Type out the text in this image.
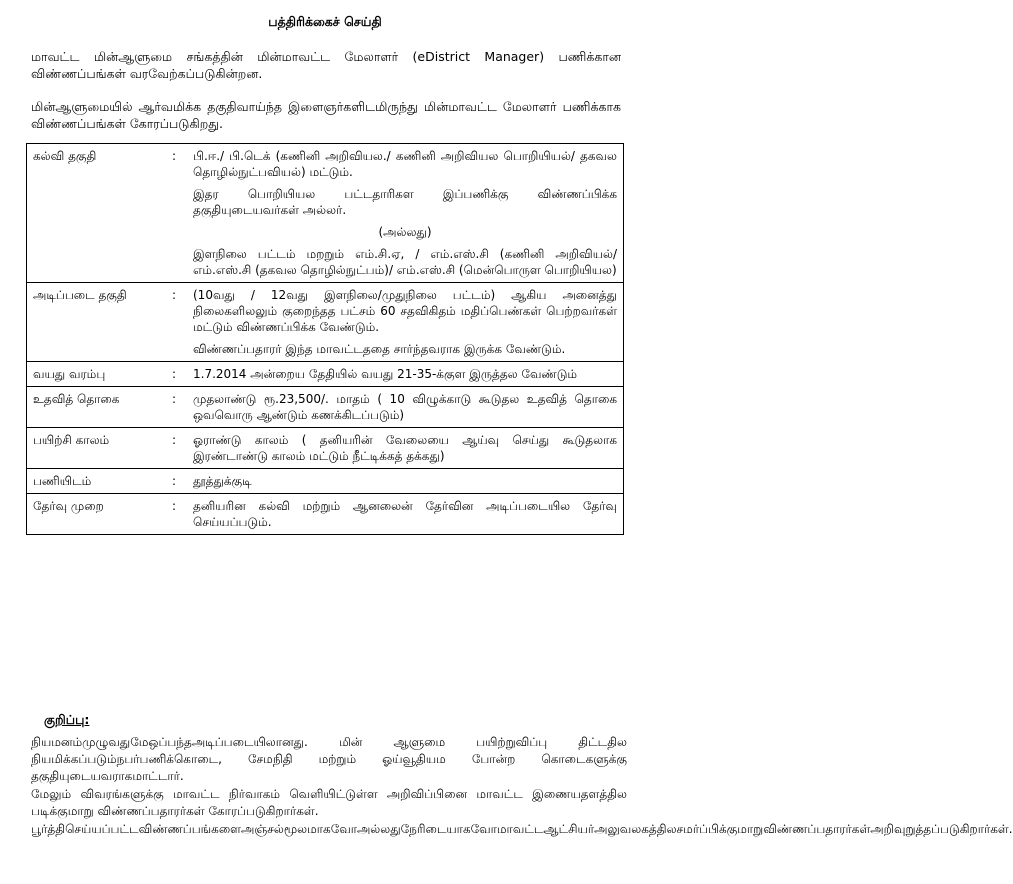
பத்திரிக்கைச் செய்தி
மாவட்ட மின்ஆளுமை சங்கத்தின் மின்மாவட்ட மேலாளர் (eDistrict Manager) பணிக்கான விண்ணப்பங்கள் வரவேற்கப்படுகின்றன.
மின்ஆளுமையில் ஆர்வமிக்க தகுதிவாய்ந்த இளைஞர்களிடமிருந்து மின்மாவட்ட மேலாளர் பணிக்காக விண்ணப்பங்கள் கோரப்படுகிறது.
கல்வி தகுதி	:	பி.ஈ./ பி.டெக் (கணினி அறிவியல./ கணினி அறிவியல பொறியியல்/ தகவல தொழில்நுட்பவியல்) மட்டும்.
இதர பொறியியல பட்டதாரிகள இப்பணிக்கு விண்ணப்பிக்க தகுதியுடையவர்கள் அல்லர்.
(அல்லது)
இளநிலை பட்டம் மறறும் எம்.சி.ஏ, / எம்.எஸ்.சி (கணினி அறிவியல்/ எம்.எஸ்.சி (தகவல தொழில்நுட்பம்)/ எம்.எஸ்.சி (மென்பொருள பொறியியல)

அடிப்படை தகுதி	:	(10வது / 12வது இளநிலை/முதுநிலை பட்டம்) ஆகிய அனைத்து நிலைகளிலலும் குறைந்தத பட்சம் 60 சதவிகிதம் மதிப்பெண்கள் பெற்றவர்கள் மட்டும் விண்ணப்பிக்க வேண்டும்.
விண்ணப்பதாரர் இந்த மாவட்டததை சார்ந்தவராக இருக்க வேண்டும்.

வயது வரம்பு	:	1.7.2014 அன்றைய தேதியில் வயது 21-35-க்குள இருத்தல வேண்டும்
உதவித் தொகை	:	முதலாண்டு ரூ.23,500/. மாதம் ( 10 விழுக்காடு கூடுதல உதவித் தொகை ஒவவொரு ஆண்டும் கணக்கிடப்படும்)
பயிற்சி காலம்	:	ஓராண்டு காலம் ( தனியரின் வேலையை ஆய்வு செய்து கூடுதலாக இரண்டாண்டு காலம் மட்டும் நீட்டிக்கத் தக்கது)
பணியிடம்	:	தூத்துக்குடி
தேர்வு முறை	:	தனியரின கல்வி மற்றும் ஆனலைன் தேர்வின அடிப்படையில தேர்வு செய்யப்படும்.
குறிப்பு:

நியமனம்முழுவதுமேஒப்பந்தஅடிப்படையிலானது. மின் ஆளுமை பயிற்றுவிப்பு திட்டதில நியமிக்கப்படும்நபர்பணிக்கொடை, சேமநிதி மற்றும் ஓய்வூதியம போன்ற கொடைகளுக்கு தகுதியுடையவராகமாட்டார்.

மேலும் விவரங்களுக்கு மாவட்ட நிர்வாகம் வெளியிட்டுள்ள அறிவிப்பினை மாவட்ட இணையதளத்தில படிக்குமாறு விண்ணப்பதாரர்கள் கோரப்படுகிறார்கள்.

பூர்த்திசெய்யப்பட்டவிண்ணப்பங்களைஅஞ்சல்மூலமாகவோஅல்லதுநேரிடையாகவோமாவட்டஆட்சியர்அலுவலகத்திலசமர்ப்பிக்குமாறுவிண்ணப்பதாரர்கள்அறிவுறுத்தப்படுகிறார்கள்.
